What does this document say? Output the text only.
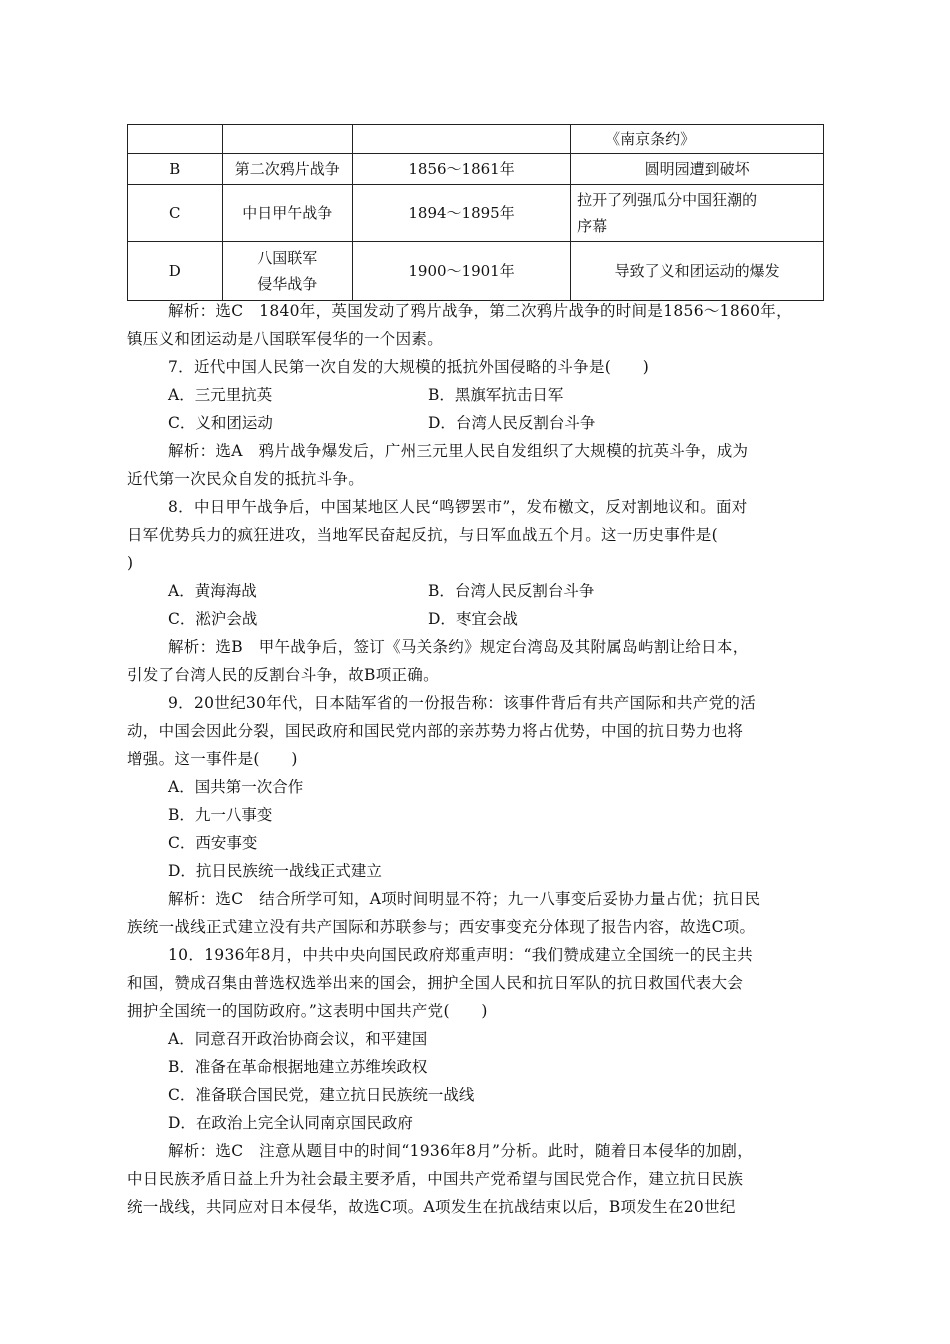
			《南京条约》
B	第二次鸦片战争	1856～1861年	圆明园遭到破坏
C	中日甲午战争	1894～1895年	拉开了列强瓜分中国狂潮的
序幕

D	八国联军
侵华战争	1900～1901年	导致了义和团运动的爆发

解析：选C　1840年，英国发动了鸦片战争，第二次鸦片战争的时间是1856～1860年，

镇压义和团运动是八国联军侵华的一个因素。

7．近代中国人民第一次自发的大规模的抵抗外国侵略的斗争是(　　)

A．三元里抗英	B．黑旗军抗击日军
C．义和团运动	D．台湾人民反割台斗争

解析：选A　鸦片战争爆发后，广州三元里人民自发组织了大规模的抗英斗争，成为

近代第一次民众自发的抵抗斗争。

8．中日甲午战争后，中国某地区人民“鸣锣罢市”，发布檄文，反对割地议和。面对

日军优势兵力的疯狂进攻，当地军民奋起反抗，与日军血战五个月。这一历史事件是(

)

A．黄海海战	B．台湾人民反割台斗争
C．淞沪会战	D．枣宜会战

解析：选B　甲午战争后，签订《马关条约》规定台湾岛及其附属岛屿割让给日本，

引发了台湾人民的反割台斗争，故B项正确。

9．20世纪30年代，日本陆军省的一份报告称：该事件背后有共产国际和共产党的活

动，中国会因此分裂，国民政府和国民党内部的亲苏势力将占优势，中国的抗日势力也将

增强。这一事件是(　　)

A．国共第一次合作

B．九一八事变

C．西安事变

D．抗日民族统一战线正式建立

解析：选C　结合所学可知，A项时间明显不符；九一八事变后妥协力量占优；抗日民

族统一战线正式建立没有共产国际和苏联参与；西安事变充分体现了报告内容，故选C项。

10．1936年8月，中共中央向国民政府郑重声明：“我们赞成建立全国统一的民主共

和国，赞成召集由普选权选举出来的国会，拥护全国人民和抗日军队的抗日救国代表大会

拥护全国统一的国防政府。”这表明中国共产党(　　)

A．同意召开政治协商会议，和平建国

B．准备在革命根据地建立苏维埃政权

C．准备联合国民党，建立抗日民族统一战线

D．在政治上完全认同南京国民政府

解析：选C　注意从题目中的时间“1936年8月”分析。此时，随着日本侵华的加剧，

中日民族矛盾日益上升为社会最主要矛盾，中国共产党希望与国民党合作，建立抗日民族

统一战线，共同应对日本侵华，故选C项。A项发生在抗战结束以后，B项发生在20世纪
